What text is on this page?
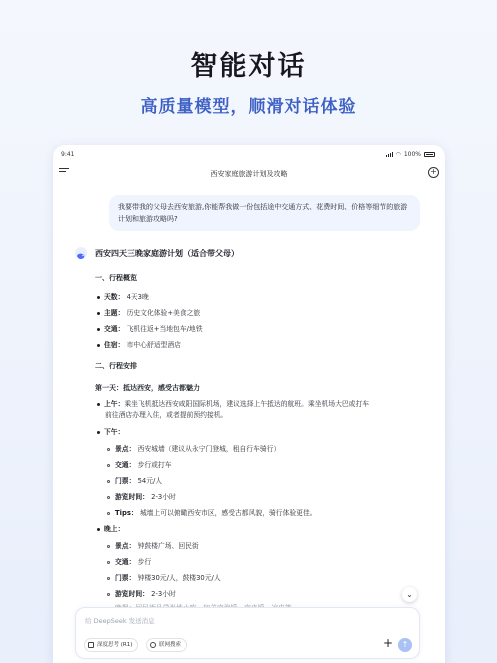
智能对话
高质量模型，顺滑对话体验
9:41	◠ 100%
西安家庭旅游计划及攻略	+
我要带我的父母去西安旅游,你能帮我做一份包括途中交通方式、花费时间、价格等细节的旅游计划和旅游攻略吗?
西安四天三晚家庭游计划（适合带父母）
一、行程概览
天数： 4天3晚
主题： 历史文化体验+美食之旅
交通： 飞机往返+当地包车/地铁
住宿： 市中心舒适型酒店
二、行程安排
第一天：抵达西安，感受古都魅力
上午：乘坐飞机抵达西安咸阳国际机场，建议选择上午抵达的航班。乘坐机场大巴或打车
前往酒店办理入住，或者提前预约接机。
下午：
景点： 西安城墙（建议从永宁门登城，租自行车骑行）
交通： 步行或打车
门票： 54元/人
游览时间： 2-3小时
Tips： 城墙上可以俯瞰西安市区，感受古都风貌，骑行体验更佳。
晚上：
景点： 钟鼓楼广场、回民街
交通： 步行
门票： 钟楼30元/人，鼓楼30元/人
游览时间： 2-3小时	⌄
给 DeepSeek 发送消息
深度思考 (R1)	联网搜索	+	↑
